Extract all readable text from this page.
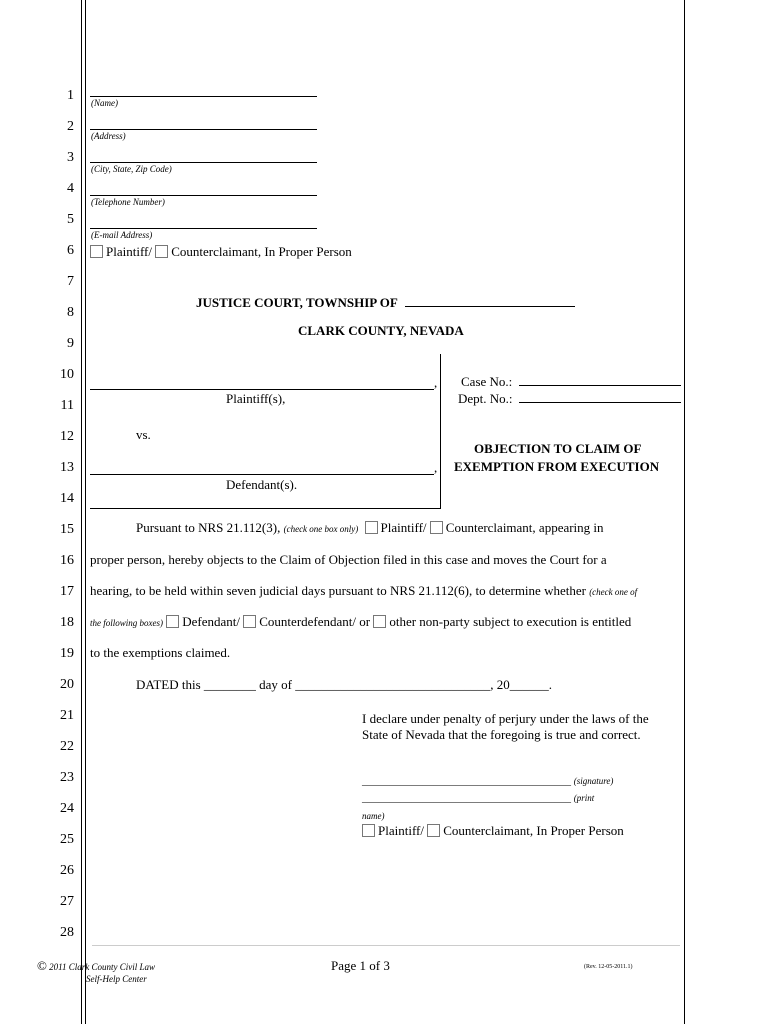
1
2
3
4
5
6
7
8
9
10
11
12
13
14
15
16
17
18
19
20
21
22
23
24
25
26
27
28
(Name)
(Address)
(City, State, Zip Code)
(Telephone Number)
(E-mail Address)
Plaintiff/ Counterclaimant, In Proper Person
JUSTICE COURT, TOWNSHIP OF
CLARK COUNTY, NEVADA
,
Plaintiff(s),
vs.
,
Defendant(s).
Case No.:
Dept. No.:
OBJECTION TO CLAIM OF
EXEMPTION FROM EXECUTION
Pursuant to NRS 21.112(3), (check one box only) Plaintiff/ Counterclaimant, appearing in
proper person, hereby objects to the Claim of Objection filed in this case and moves the Court for a
hearing, to be held within seven judicial days pursuant to NRS 21.112(6), to determine whether (check one of
the following boxes) Defendant/ Counterdefendant/ or other non-party subject to execution is entitled
to the exemptions claimed.
DATED this ________ day of ______________________________, 20______.
I declare under penalty of perjury under the laws of the
State of Nevada that the foregoing is true and correct.
______________________________________ (signature)
______________________________________ (print
name)
Plaintiff/ Counterclaimant, In Proper Person
© 2011 Clark County Civil Law
Self-Help Center
Page 1 of 3	(Rev. 12-05-2011.1)
